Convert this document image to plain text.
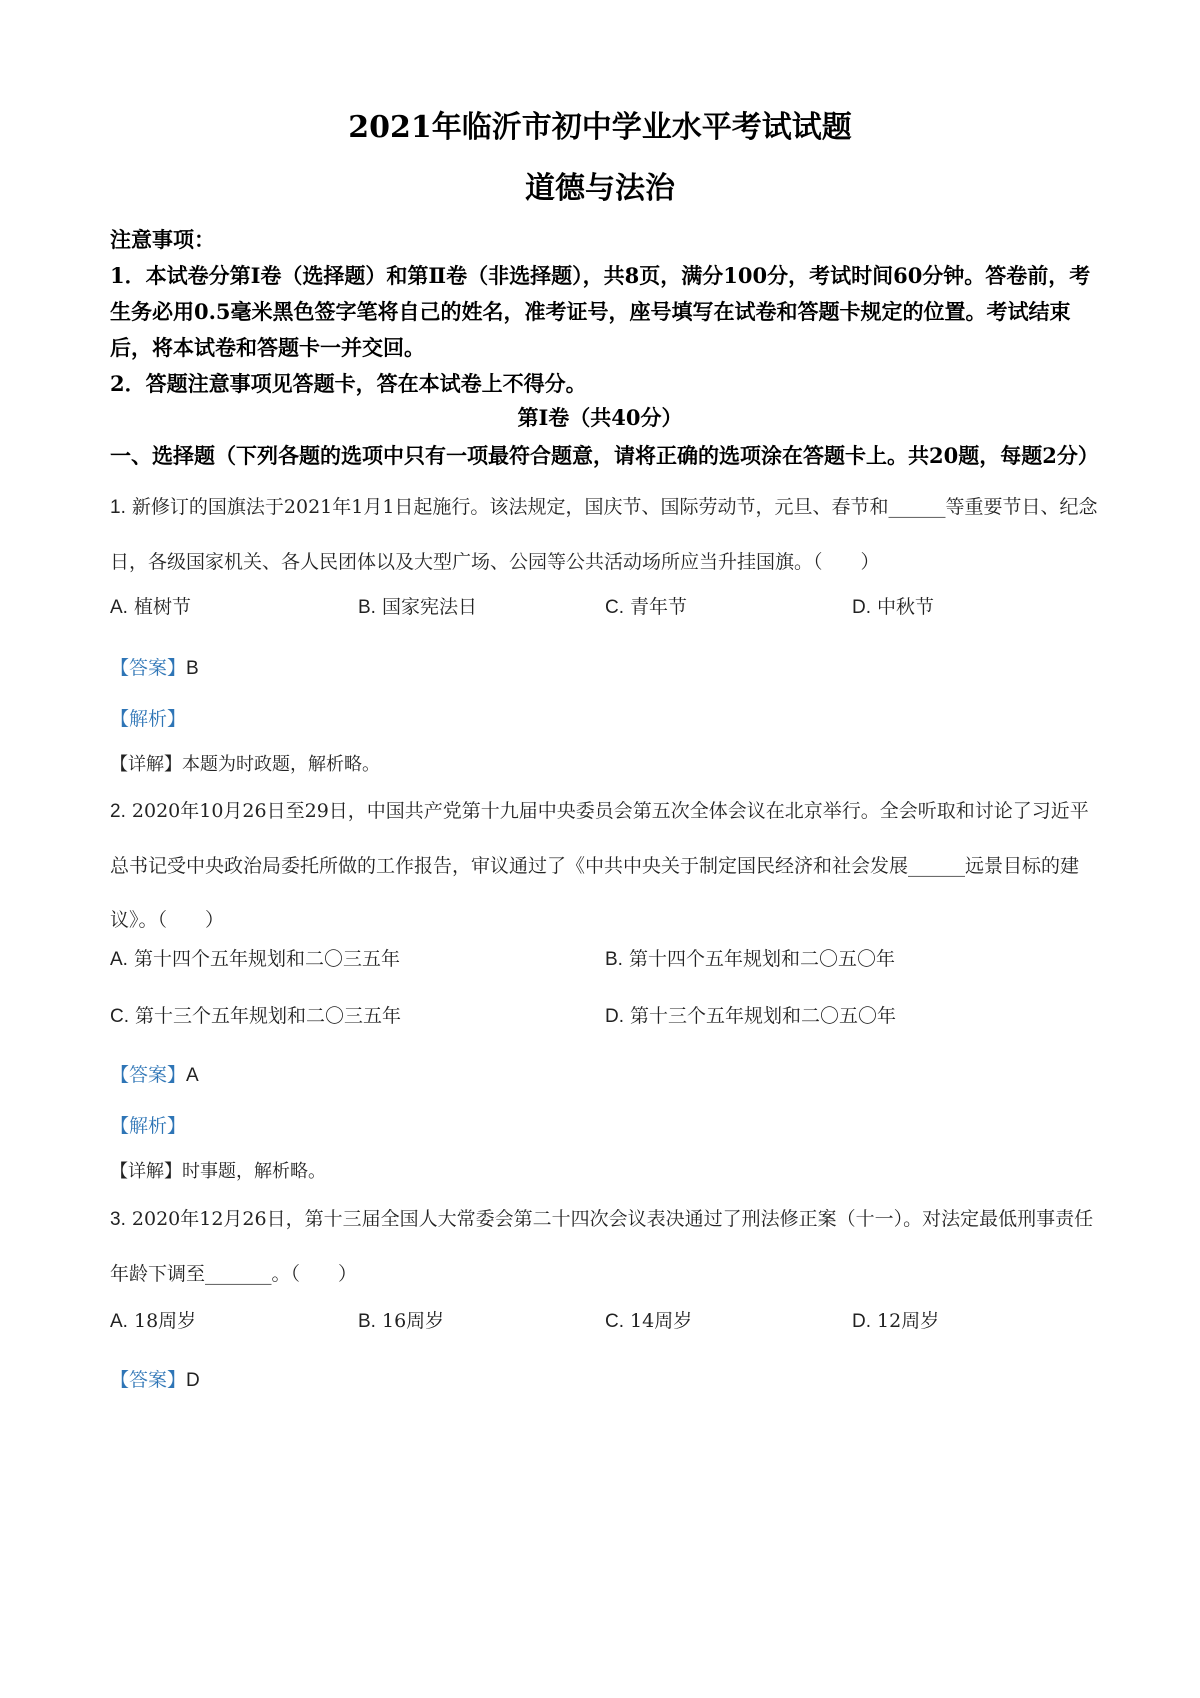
2021年临沂市初中学业水平考试试题
道德与法治
注意事项：
1．本试卷分第Ⅰ卷（选择题）和第Ⅱ卷（非选择题），共8页，满分100分，考试时间60分钟。答卷前，考生务必用0.5毫米黑色签字笔将自己的姓名，准考证号，座号填写在试卷和答题卡规定的位置。考试结束后，将本试卷和答题卡一并交回。
2．答题注意事项见答题卡，答在本试卷上不得分。
第Ⅰ卷（共40分）
一、选择题（下列各题的选项中只有一项最符合题意，请将正确的选项涂在答题卡上。共20题，每题2分）
1. 新修订的国旗法于2021年1月1日起施行。该法规定，国庆节、国际劳动节，元旦、春节和______等重要节日、纪念日，各级国家机关、各人民团体以及大型广场、公园等公共活动场所应当升挂国旗。（　　）
A. 植树节	B. 国家宪法日	C. 青年节	D. 中秋节
【答案】B
【解析】
【详解】本题为时政题，解析略。
2. 2020年10月26日至29日，中国共产党第十九届中央委员会第五次全体会议在北京举行。全会听取和讨论了习近平总书记受中央政治局委托所做的工作报告，审议通过了《中共中央关于制定国民经济和社会发展______远景目标的建议》。（　　）
A. 第十四个五年规划和二〇三五年	B. 第十四个五年规划和二〇五〇年
C. 第十三个五年规划和二〇三五年	D. 第十三个五年规划和二〇五〇年
【答案】A
【解析】
【详解】时事题，解析略。
3. 2020年12月26日，第十三届全国人大常委会第二十四次会议表决通过了刑法修正案（十一）。对法定最低刑事责任年龄下调至_______。（　　）
A. 18周岁	B. 16周岁	C. 14周岁	D. 12周岁
【答案】D
